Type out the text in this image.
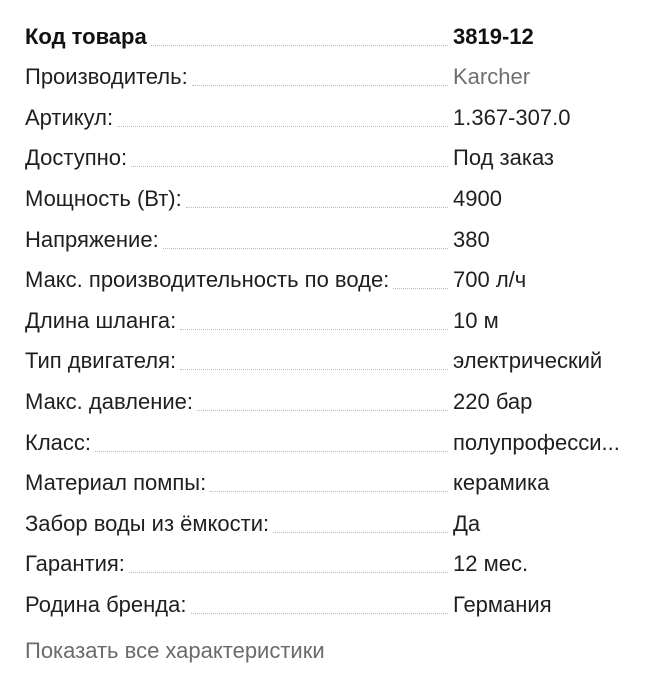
Код товара	3819-12
Производитель:	Karcher
Артикул:	1.367-307.0
Доступно:	Под заказ
Мощность (Вт):	4900
Напряжение:	380
Макс. производительность по воде:	700 л/ч
Длина шланга:	10 м
Тип двигателя:	электрический
Макс. давление:	220 бар
Класс:	полупрофесси...
Материал помпы:	керамика
Забор воды из ёмкости:	Да
Гарантия:	12 мес.
Родина бренда:	Германия
Показать все характеристики
